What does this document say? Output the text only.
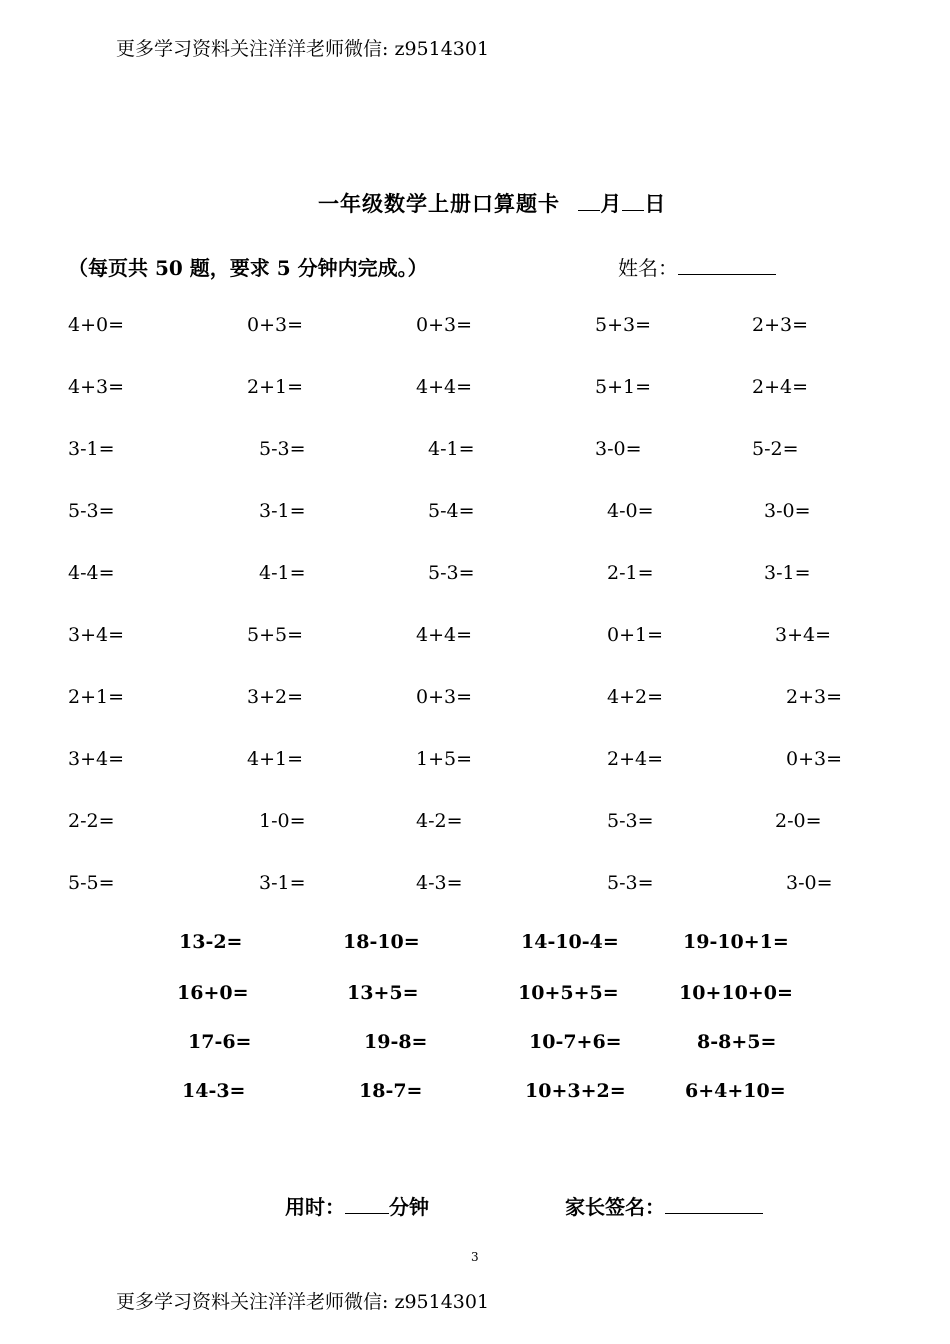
更多学习资料关注洋洋老师微信: z9514301
一年级数学上册口算题卡 月 日
（每页共 50 题，要求 5 分钟内完成。）	姓名：
4+0=	0+3=	0+3=	5+3=	2+3=
4+3=	2+1=	4+4=	5+1=	2+4=
3-1=	5-3=	4-1=	3-0=	5-2=
5-3=	3-1=	5-4=	4-0=	3-0=
4-4=	4-1=	5-3=	2-1=	3-1=
3+4=	5+5=	4+4=	0+1=	3+4=
2+1=	3+2=	0+3=	4+2=	2+3=
3+4=	4+1=	1+5=	2+4=	0+3=
2-2=	1-0=	4-2=	5-3=	2-0=
5-5=	3-1=	4-3=	5-3=	3-0=
13-2=	18-10=	14-10-4=	19-10+1=
16+0=	13+5=	10+5+5=	10+10+0=
17-6=	19-8=	10-7+6=	8-8+5=
14-3=	18-7=	10+3+2=	6+4+10=
用时： 分钟	家长签名：
3
更多学习资料关注洋洋老师微信: z9514301
